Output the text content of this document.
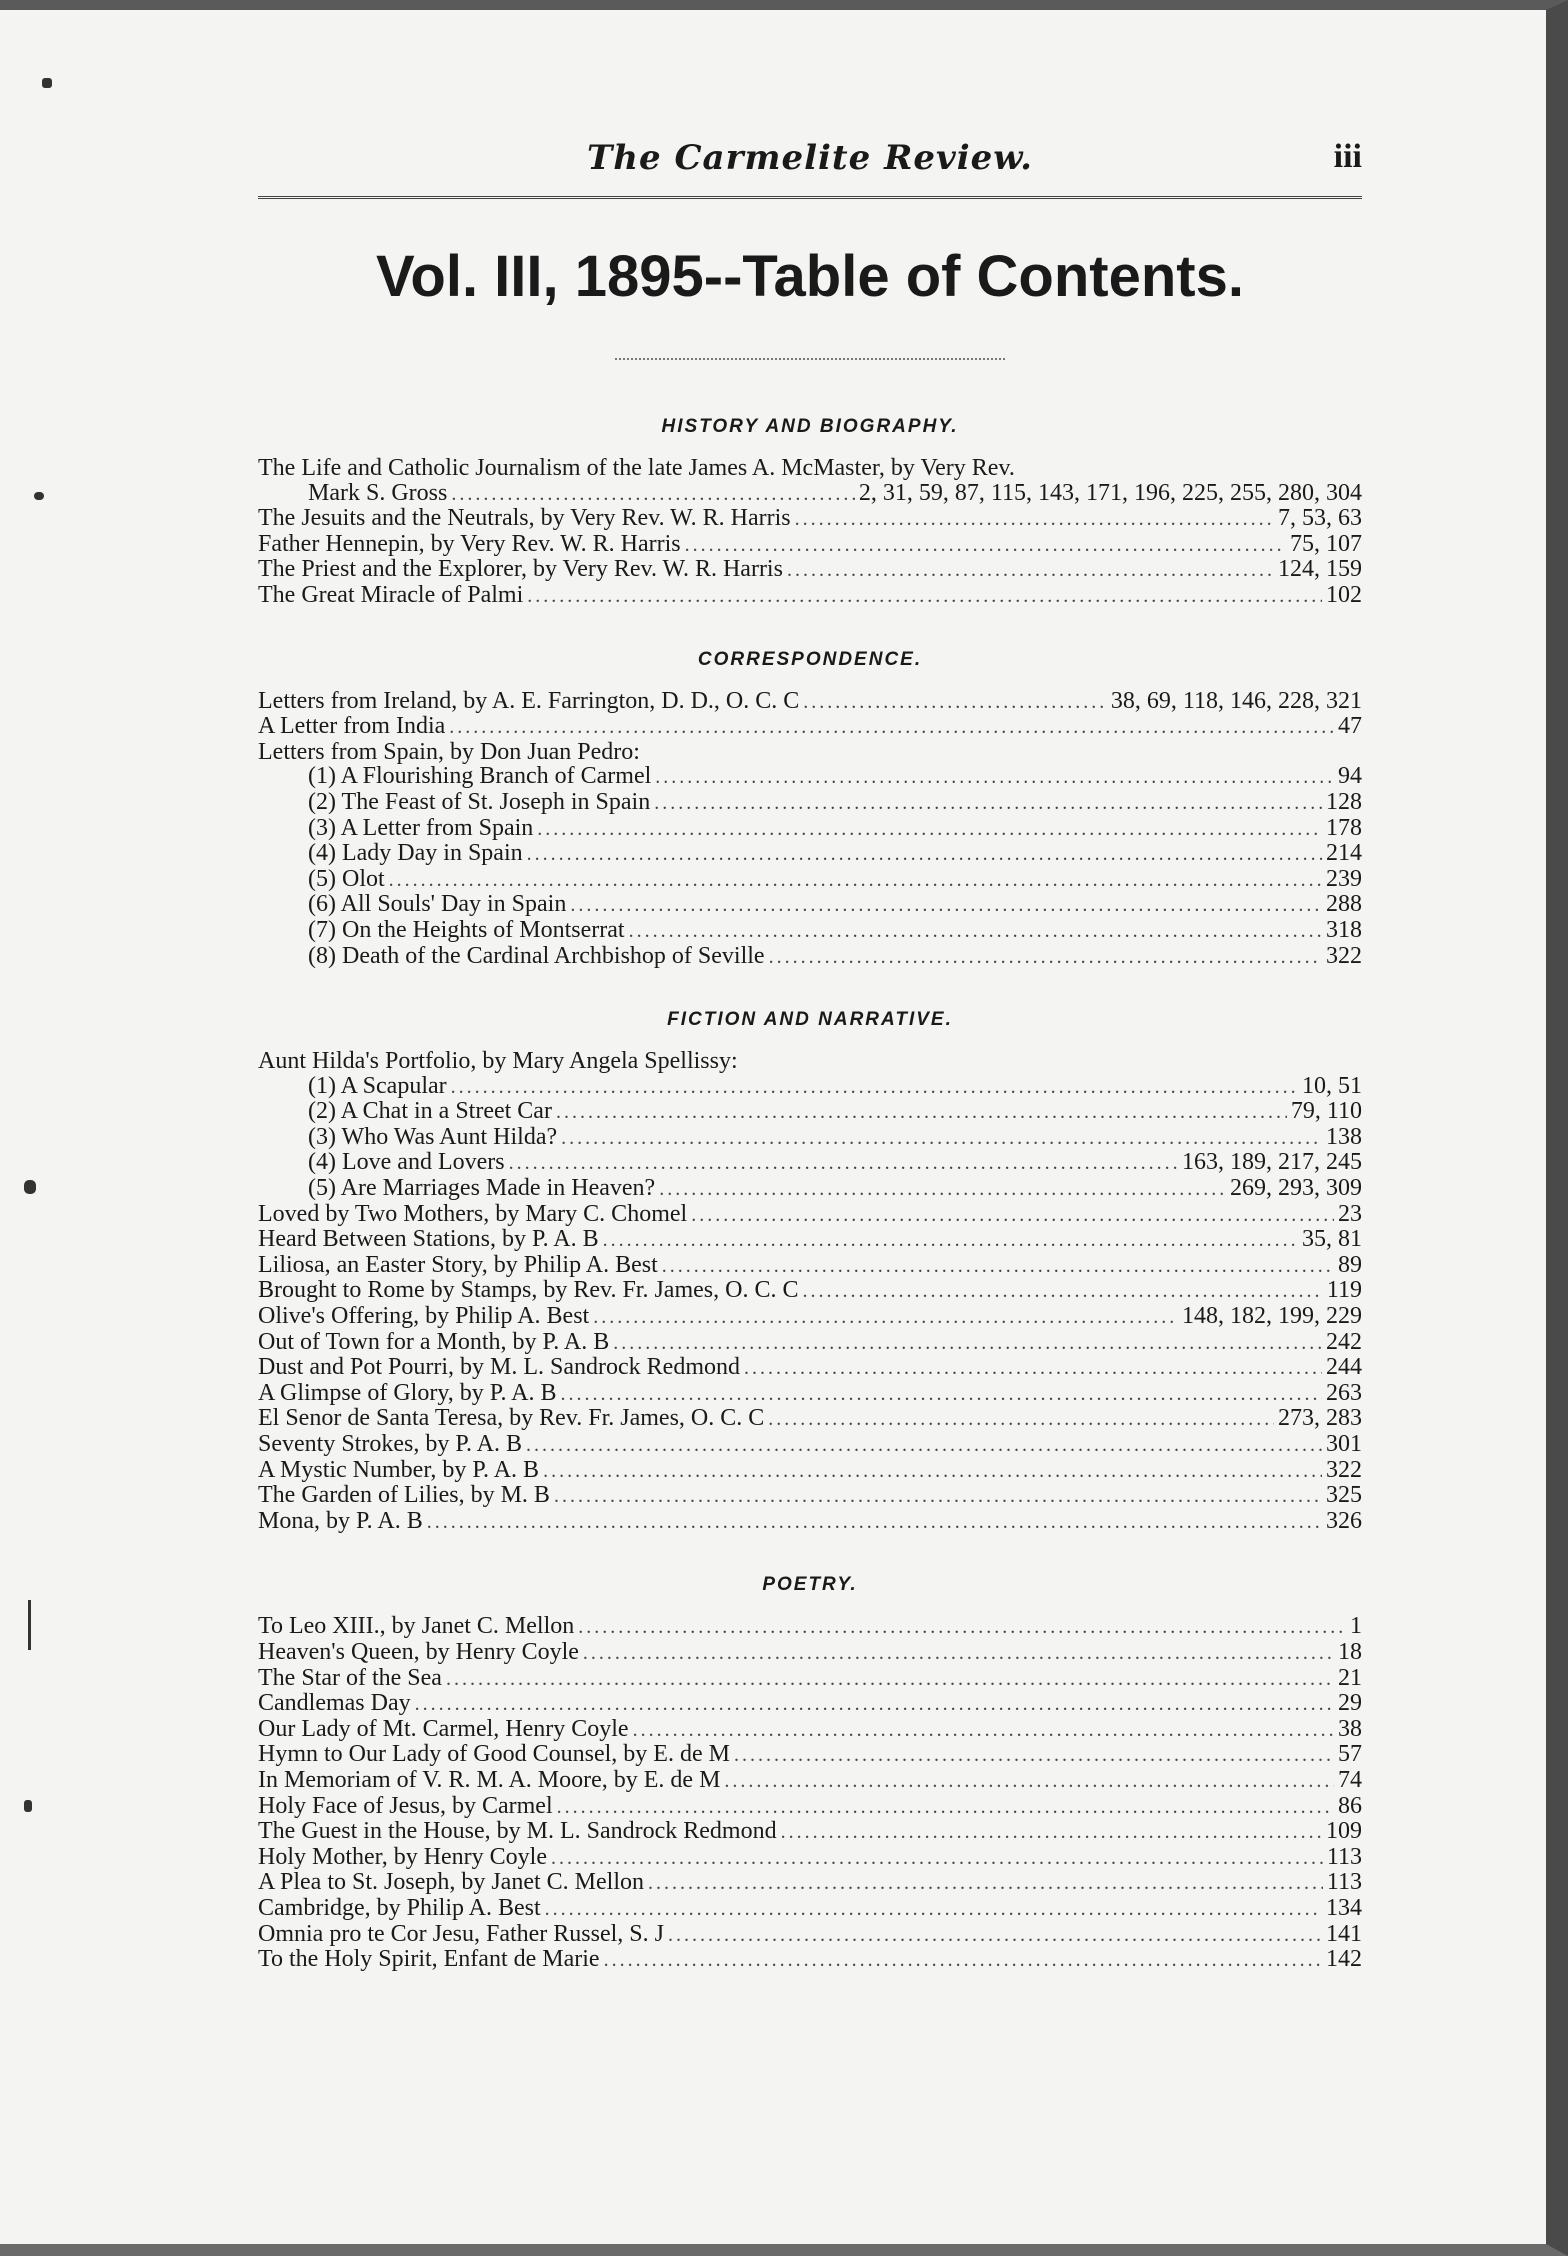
The Carmelite Review.	iii
Vol. III, 1895--Table of Contents.
HISTORY AND BIOGRAPHY.
The Life and Catholic Journalism of the late James A. McMaster, by Very Rev.
Mark S. Gross .....	2, 31, 59, 87, 115, 143, 171, 196, 225, 255, 280, 304
The Jesuits and the Neutrals, by Very Rev. W. R. Harris .....	7, 53, 63
Father Hennepin, by Very Rev. W. R. Harris .....	75, 107
The Priest and the Explorer, by Very Rev. W. R. Harris .....	124, 159
The Great Miracle of Palmi .....	102
CORRESPONDENCE.
Letters from Ireland, by A. E. Farrington, D. D., O. C. C .....	38, 69, 118, 146, 228, 321
A Letter from India .....	47
Letters from Spain, by Don Juan Pedro:
(1) A Flourishing Branch of Carmel .....	94
(2) The Feast of St. Joseph in Spain .....	128
(3) A Letter from Spain .....	178
(4) Lady Day in Spain .....	214
(5) Olot .....	239
(6) All Souls' Day in Spain .....	288
(7) On the Heights of Montserrat .....	318
(8) Death of the Cardinal Archbishop of Seville .....	322
FICTION AND NARRATIVE.
Aunt Hilda's Portfolio, by Mary Angela Spellissy:
(1) A Scapular .....	10, 51
(2) A Chat in a Street Car .....	79, 110
(3) Who Was Aunt Hilda? .....	138
(4) Love and Lovers .....	163, 189, 217, 245
(5) Are Marriages Made in Heaven? .....	269, 293, 309
Loved by Two Mothers, by Mary C. Chomel .....	23
Heard Between Stations, by P. A. B .....	35, 81
Liliosa, an Easter Story, by Philip A. Best .....	89
Brought to Rome by Stamps, by Rev. Fr. James, O. C. C .....	119
Olive's Offering, by Philip A. Best .....	148, 182, 199, 229
Out of Town for a Month, by P. A. B .....	242
Dust and Pot Pourri, by M. L. Sandrock Redmond .....	244
A Glimpse of Glory, by P. A. B .....	263
El Senor de Santa Teresa, by Rev. Fr. James, O. C. C .....	273, 283
Seventy Strokes, by P. A. B .....	301
A Mystic Number, by P. A. B .....	322
The Garden of Lilies, by M. B .....	325
Mona, by P. A. B .....	326
POETRY.
To Leo XIII., by Janet C. Mellon .....	1
Heaven's Queen, by Henry Coyle .....	18
The Star of the Sea .....	21
Candlemas Day .....	29
Our Lady of Mt. Carmel, Henry Coyle .....	38
Hymn to Our Lady of Good Counsel, by E. de M .....	57
In Memoriam of V. R. M. A. Moore, by E. de M .....	74
Holy Face of Jesus, by Carmel .....	86
The Guest in the House, by M. L. Sandrock Redmond .....	109
Holy Mother, by Henry Coyle .....	113
A Plea to St. Joseph, by Janet C. Mellon .....	113
Cambridge, by Philip A. Best .....	134
Omnia pro te Cor Jesu, Father Russel, S. J .....	141
To the Holy Spirit, Enfant de Marie .....	142
